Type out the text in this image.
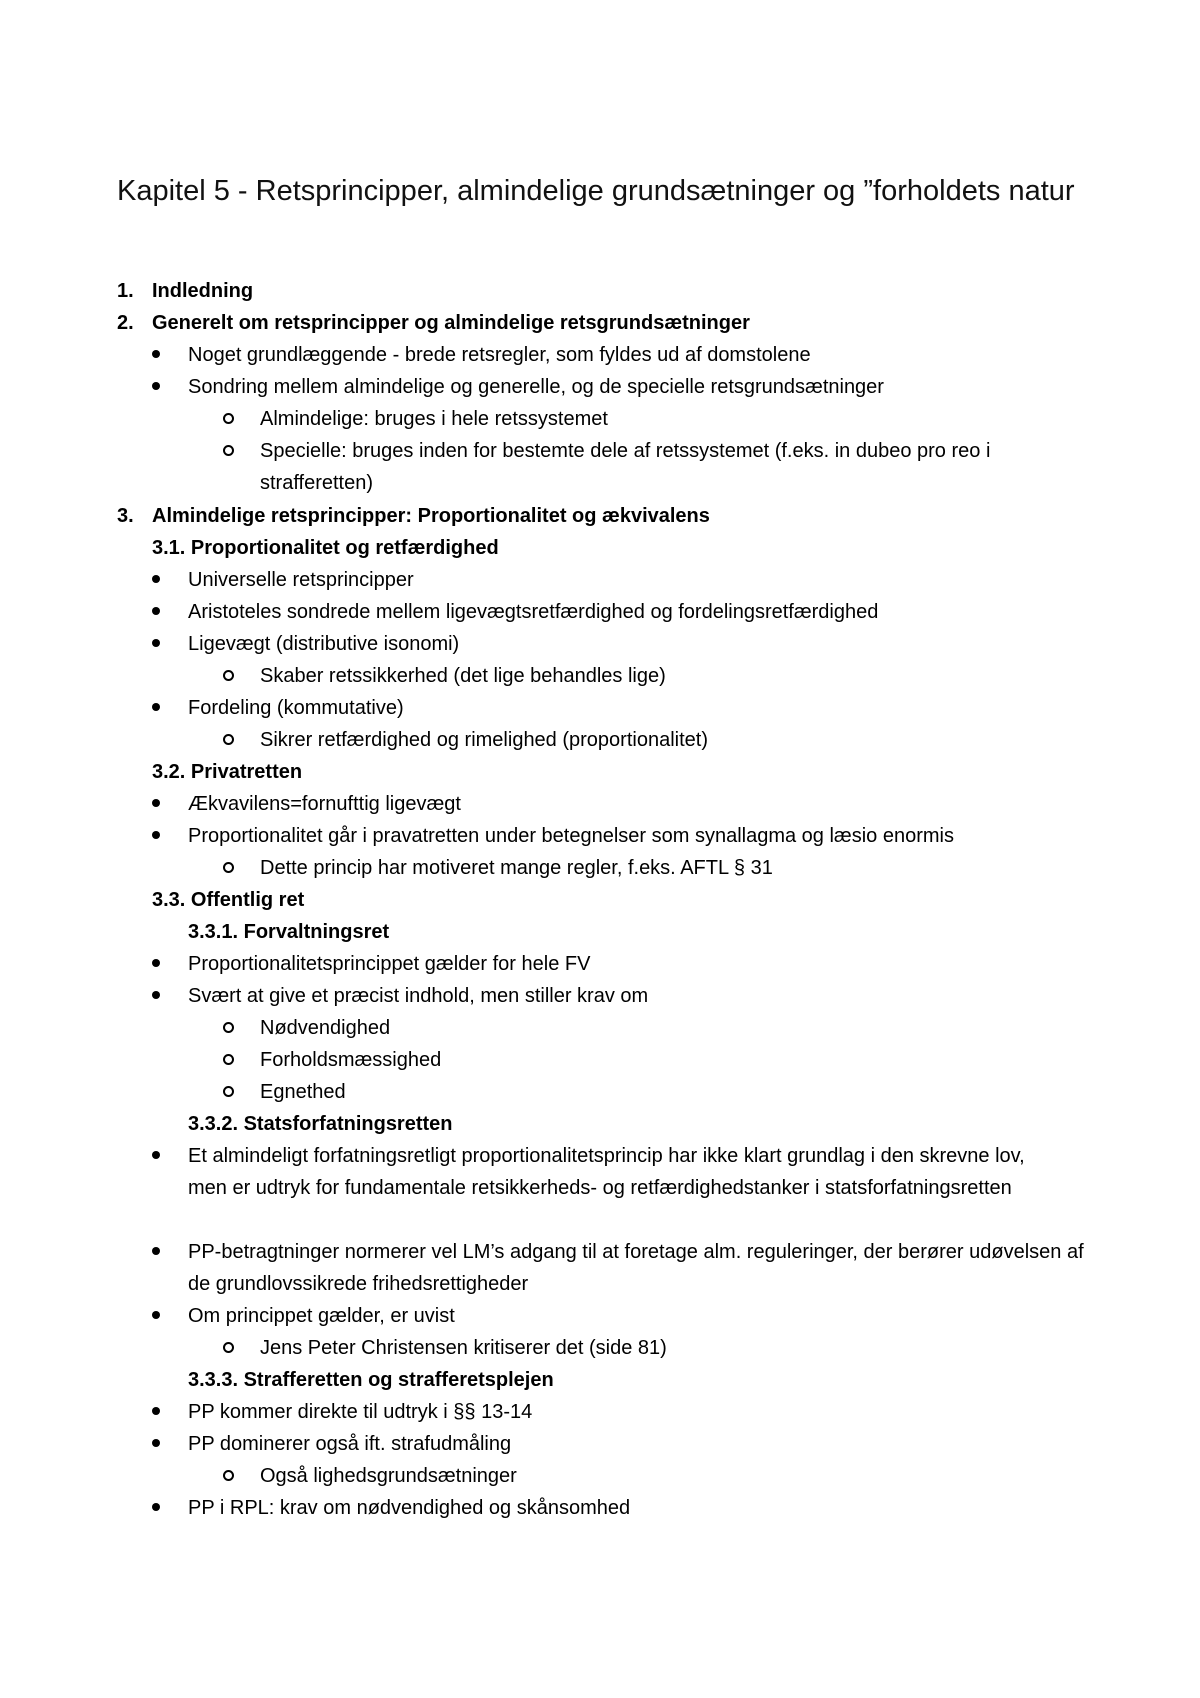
Kapitel 5 - Retsprincipper, almindelige grundsætninger og ”forholdets natur
1. Indledning
2. Generelt om retsprincipper og almindelige retsgrundsætninger
Noget grundlæggende - brede retsregler, som fyldes ud af domstolene
Sondring mellem almindelige og generelle, og de specielle retsgrundsætninger
Almindelige: bruges i hele retssystemet
Specielle: bruges inden for bestemte dele af retssystemet (f.eks. in dubeo pro reo i strafferetten)
3. Almindelige retsprincipper: Proportionalitet og ækvivalens
3.1. Proportionalitet og retfærdighed
Universelle retsprincipper
Aristoteles sondrede mellem ligevægtsretfærdighed og fordelingsretfærdighed
Ligevægt (distributive isonomi)
Skaber retssikkerhed (det lige behandles lige)
Fordeling (kommutative)
Sikrer retfærdighed og rimelighed (proportionalitet)
3.2. Privatretten
Ækvavilens=fornufttig ligevægt
Proportionalitet går i pravatretten under betegnelser som synallagma og læsio enormis
Dette princip har motiveret mange regler, f.eks. AFTL § 31
3.3. Offentlig ret
3.3.1. Forvaltningsret
Proportionalitetsprincippet gælder for hele FV
Svært at give et præcist indhold, men stiller krav om
Nødvendighed
Forholdsmæssighed
Egnethed
3.3.2. Statsforfatningsretten
Et almindeligt forfatningsretligt proportionalitetsprincip har ikke klart grundlag i den skrevne lov, men er udtryk for fundamentale retsikkerheds- og retfærdighedstanker i statsforfatningsretten
PP-betragtninger normerer vel LM’s adgang til at foretage alm. reguleringer, der berører udøvelsen af de grundlovssikrede frihedsrettigheder
Om princippet gælder, er uvist
Jens Peter Christensen kritiserer det (side 81)
3.3.3. Strafferetten og strafferetsplejen
PP kommer direkte til udtryk i §§ 13-14
PP dominerer også ift. strafudmåling
Også lighedsgrundsætninger
PP i RPL: krav om nødvendighed og skånsomhed
